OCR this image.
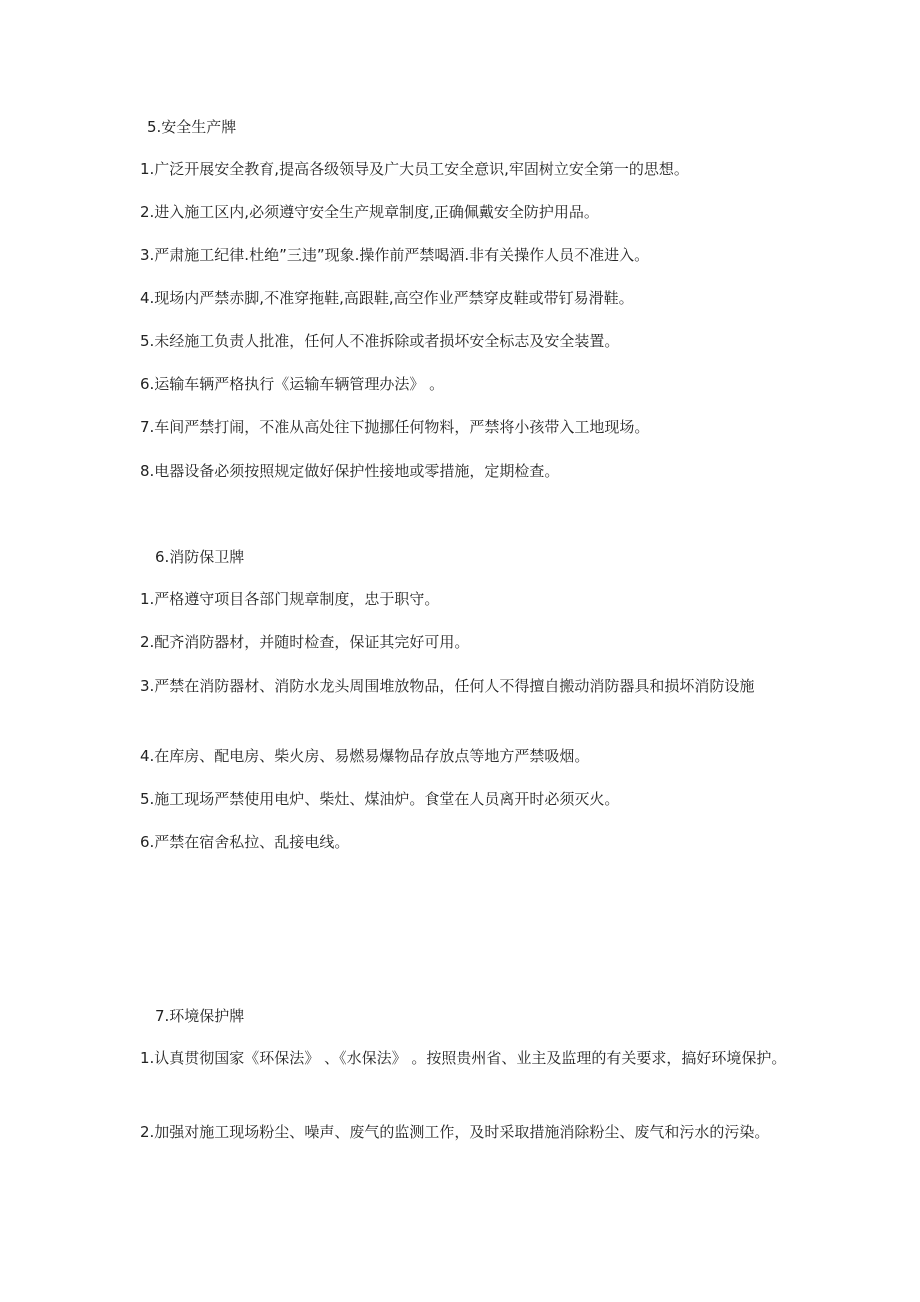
5.安全生产牌
1.广泛开展安全教育,提高各级领导及广大员工安全意识,牢固树立安全第一的思想。
2.进入施工区内,必须遵守安全生产规章制度,正确佩戴安全防护用品。
3.严肃施工纪律.杜绝”三违”现象.操作前严禁喝酒.非有关操作人员不准进入。
4.现场内严禁赤脚,不准穿拖鞋,高跟鞋,高空作业严禁穿皮鞋或带钉易滑鞋。
5.未经施工负责人批准，任何人不准拆除或者损坏安全标志及安全装置。
6.运输车辆严格执行《运输车辆管理办法》 。
7.车间严禁打闹，不准从高处往下抛挪任何物料，严禁将小孩带入工地现场。
8.电器设备必须按照规定做好保护性接地或零措施，定期检查。
6.消防保卫牌
1.严格遵守项目各部门规章制度，忠于职守。
2.配齐消防器材，并随时检查，保证其完好可用。
3.严禁在消防器材、消防水龙头周围堆放物品，任何人不得擅自搬动消防器具和损坏消防设施
4.在库房、配电房、柴火房、易燃易爆物品存放点等地方严禁吸烟。
5.施工现场严禁使用电炉、柴灶、煤油炉。食堂在人员离开时必须灭火。
6.严禁在宿舍私拉、乱接电线。
7.环境保护牌
1.认真贯彻国家《环保法》 、《水保法》 。按照贵州省、业主及监理的有关要求，搞好环境保护。
2.加强对施工现场粉尘、噪声、废气的监测工作，及时采取措施消除粉尘、废气和污水的污染。
